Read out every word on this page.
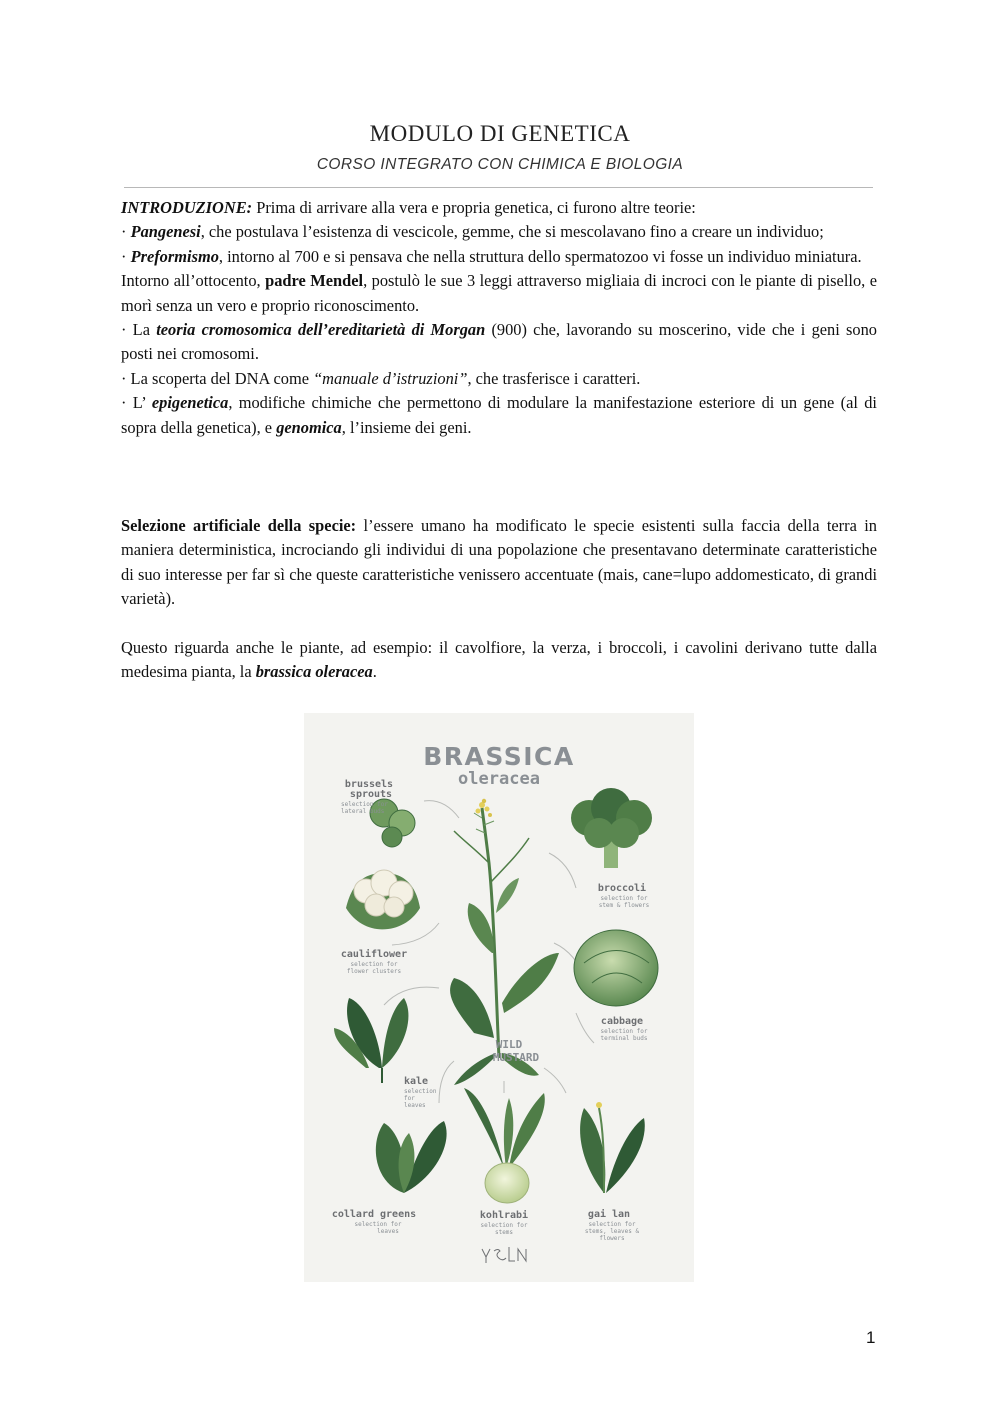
MODULO DI GENETICA
CORSO INTEGRATO CON CHIMICA E BIOLOGIA

INTRODUZIONE: Prima di arrivare alla vera e propria genetica, ci furono altre teorie:

· Pangenesi, che postulava l’esistenza di vescicole, gemme, che si mescolavano fino a creare un individuo;

· Preformismo, intorno al 700 e si pensava che nella struttura dello spermatozoo vi fosse un individuo miniatura.

Intorno all’ottocento, padre Mendel, postulò le sue 3 leggi attraverso migliaia di incroci con le piante di pisello, e morì senza un vero e proprio riconoscimento.

· La teoria cromosomica dell’ereditarietà di Morgan (900) che, lavorando su moscerino, vide che i geni sono posti nei cromosomi.

· La scoperta del DNA come “manuale d’istruzioni”, che trasferisce i caratteri.

· L’ epigenetica, modifiche chimiche che permettono di modulare la manifestazione esteriore di un gene (al di sopra della genetica), e genomica, l’insieme dei geni.

Selezione artificiale della specie: l’essere umano ha modificato le specie esistenti sulla faccia della terra in maniera deterministica, incrociando gli individui di una popolazione che presentavano determinate caratteristiche di suo interesse per far sì che queste caratteristiche venissero accentuate (mais, cane=lupo addomesticato, di grandi varietà).

Questo riguarda anche le piante, ad esempio: il cavolfiore, la verza, i broccoli, i cavolini derivano tutte dalla medesima pianta, la brassica oleracea.

BRASSICA
oleracea
WILD
MUSTARD
brussels
sprouts
selection for
lateral buds
broccoli
selection for
stem & flowers
cauliflower
selection for
flower clusters
cabbage
selection for
terminal buds
kale
selection
for
leaves
collard greens
selection for
leaves
kohlrabi
selection for
stems
gai lan
selection for
stems, leaves &
flowers
1
